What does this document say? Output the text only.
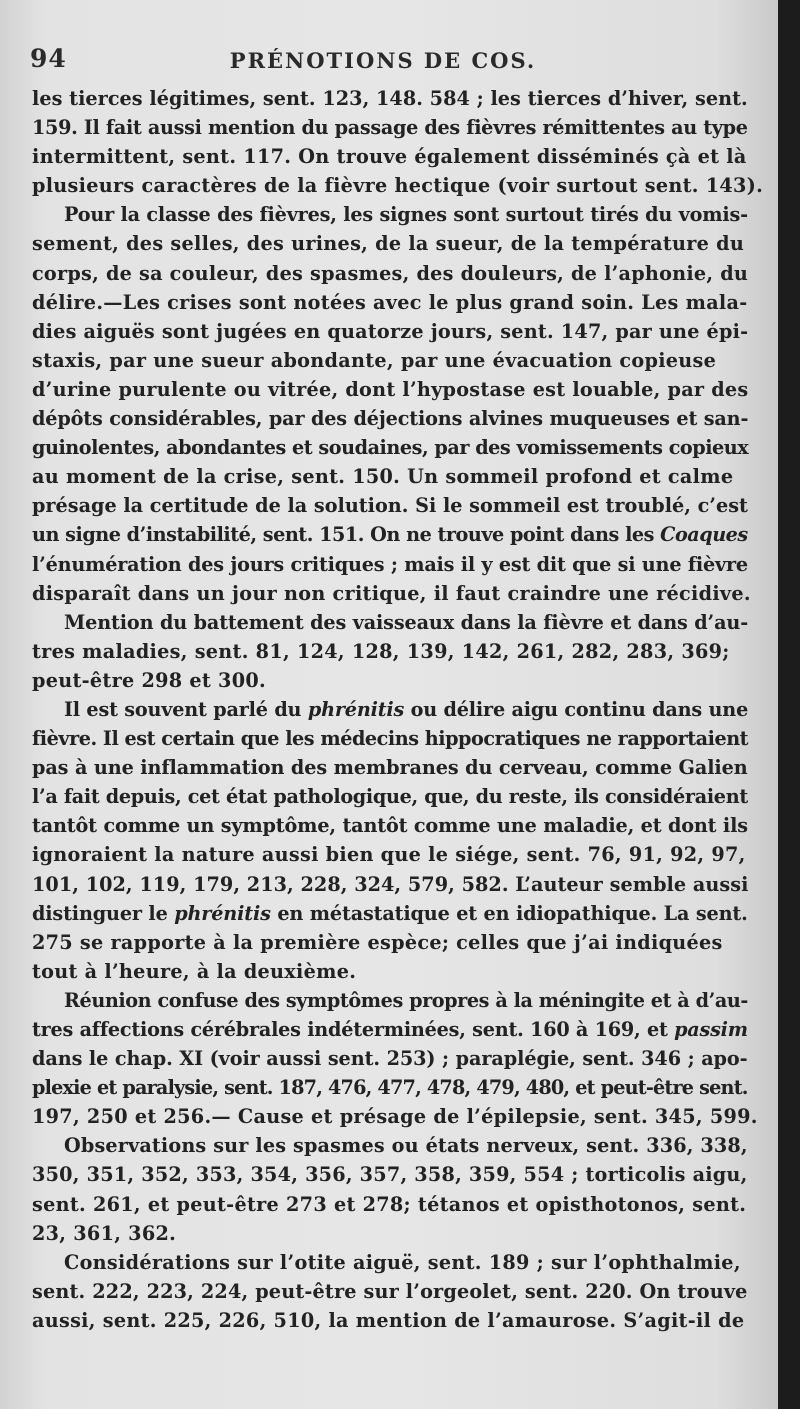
94	PRÉNOTIONS DE COS.
les tierces légitimes, sent. 123, 148. 584 ; les tierces d’hiver, sent.
159. Il fait aussi mention du passage des fièvres rémittentes au type
intermittent, sent. 117. On trouve également disséminés çà et là
plusieurs caractères de la fièvre hectique (voir surtout sent. 143).
Pour la classe des fièvres, les signes sont surtout tirés du vomis-
sement, des selles, des urines, de la sueur, de la température du
corps, de sa couleur, des spasmes, des douleurs, de l’aphonie, du
délire.—Les crises sont notées avec le plus grand soin. Les mala-
dies aiguës sont jugées en quatorze jours, sent. 147, par une épi-
staxis, par une sueur abondante, par une évacuation copieuse
d’urine purulente ou vitrée, dont l’hypostase est louable, par des
dépôts considérables, par des déjections alvines muqueuses et san-
guinolentes, abondantes et soudaines, par des vomissements copieux
au moment de la crise, sent. 150. Un sommeil profond et calme
présage la certitude de la solution. Si le sommeil est troublé, c’est
un signe d’instabilité, sent. 151. On ne trouve point dans les Coaques
l’énumération des jours critiques ; mais il y est dit que si une fièvre
disparaît dans un jour non critique, il faut craindre une récidive.
Mention du battement des vaisseaux dans la fièvre et dans d’au-
tres maladies, sent. 81, 124, 128, 139, 142, 261, 282, 283, 369;
peut-être 298 et 300.
Il est souvent parlé du phrénitis ou délire aigu continu dans une
fièvre. Il est certain que les médecins hippocratiques ne rapportaient
pas à une inflammation des membranes du cerveau, comme Galien
l’a fait depuis, cet état pathologique, que, du reste, ils considéraient
tantôt comme un symptôme, tantôt comme une maladie, et dont ils
ignoraient la nature aussi bien que le siége, sent. 76, 91, 92, 97,
101, 102, 119, 179, 213, 228, 324, 579, 582. L’auteur semble aussi
distinguer le phrénitis en métastatique et en idiopathique. La sent.
275 se rapporte à la première espèce; celles que j’ai indiquées
tout à l’heure, à la deuxième.
Réunion confuse des symptômes propres à la méningite et à d’au-
tres affections cérébrales indéterminées, sent. 160 à 169, et passim
dans le chap. XI (voir aussi sent. 253) ; paraplégie, sent. 346 ; apo-
plexie et paralysie, sent. 187, 476, 477, 478, 479, 480, et peut-être sent.
197, 250 et 256.— Cause et présage de l’épilepsie, sent. 345, 599.
Observations sur les spasmes ou états nerveux, sent. 336, 338,
350, 351, 352, 353, 354, 356, 357, 358, 359, 554 ; torticolis aigu,
sent. 261, et peut-être 273 et 278; tétanos et opisthotonos, sent.
23, 361, 362.
Considérations sur l’otite aiguë, sent. 189 ; sur l’ophthalmie,
sent. 222, 223, 224, peut-être sur l’orgeolet, sent. 220. On trouve
aussi, sent. 225, 226, 510, la mention de l’amaurose. S’agit-il de
